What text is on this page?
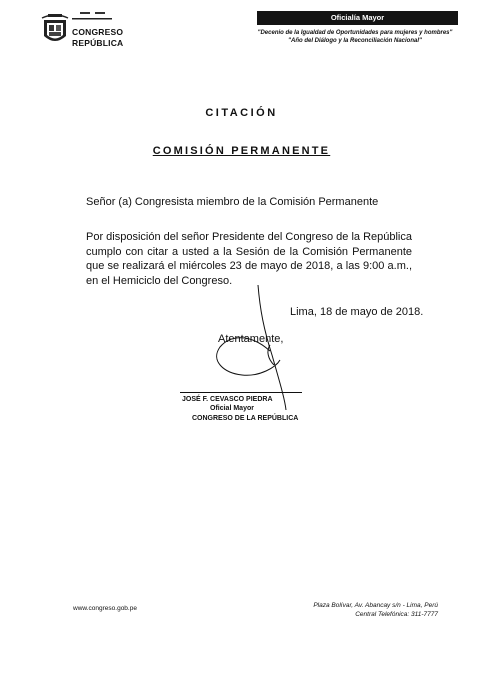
CONGRESO
REPÚBLICA
Oficialía Mayor
"Decenio de la Igualdad de Oportunidades para mujeres y hombres"
"Año del Diálogo y la Reconciliación Nacional"
CITACIÓN
COMISIÓN PERMANENTE
Señor (a) Congresista miembro de la Comisión Permanente
Por disposición del señor Presidente del Congreso de la República
cumplo con citar a usted a la Sesión de la Comisión Permanente
que se realizará el miércoles 23 de mayo de 2018, a las 9:00 a.m.,
en el Hemiciclo del Congreso.
Lima, 18 de mayo de 2018.
Atentamente,
JOSÉ F. CEVASCO PIEDRA
Oficial Mayor
CONGRESO DE LA REPÚBLICA
www.congreso.gob.pe	Plaza Bolívar, Av. Abancay s/n - Lima, Perú
Central Telefónica: 311-7777
